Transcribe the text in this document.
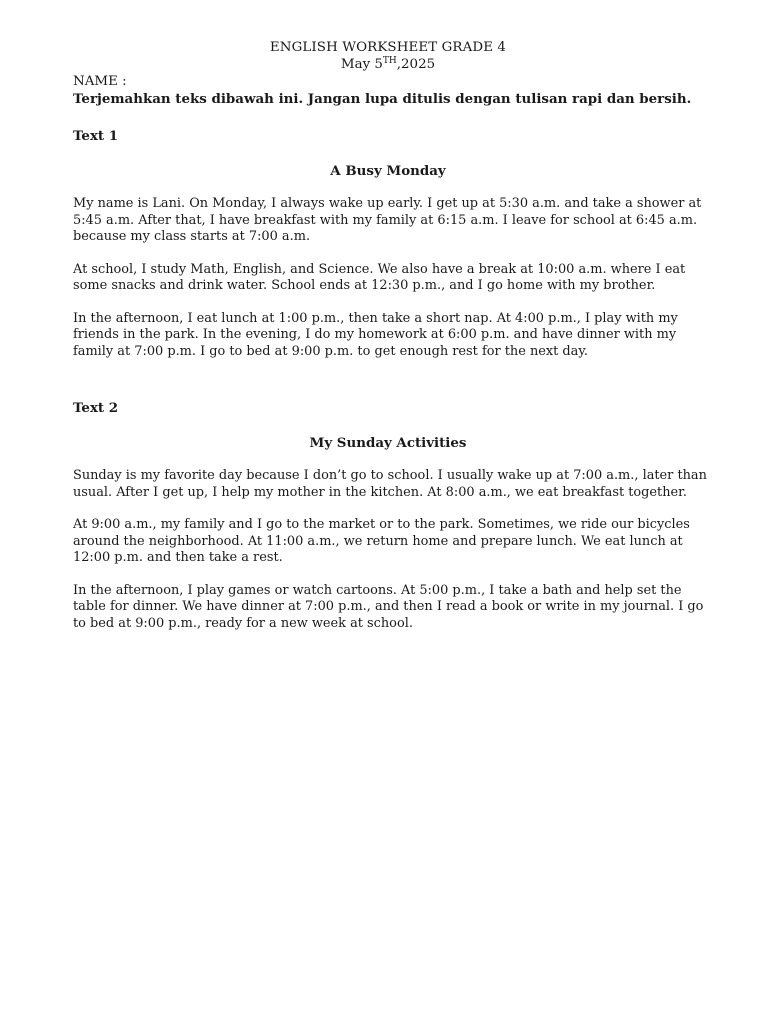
ENGLISH WORKSHEET GRADE 4
May 5TH,2025
NAME :
Terjemahkan teks dibawah ini. Jangan lupa ditulis dengan tulisan rapi dan bersih.
Text 1
A Busy Monday

My name is Lani. On Monday, I always wake up early. I get up at 5:30 a.m. and take a shower at 5:45 a.m. After that, I have breakfast with my family at 6:15 a.m. I leave for school at 6:45 a.m. because my class starts at 7:00 a.m.

At school, I study Math, English, and Science. We also have a break at 10:00 a.m. where I eat some snacks and drink water. School ends at 12:30 p.m., and I go home with my brother.

In the afternoon, I eat lunch at 1:00 p.m., then take a short nap. At 4:00 p.m., I play with my friends in the park. In the evening, I do my homework at 6:00 p.m. and have dinner with my family at 7:00 p.m. I go to bed at 9:00 p.m. to get enough rest for the next day.

Text 2
My Sunday Activities

Sunday is my favorite day because I don’t go to school. I usually wake up at 7:00 a.m., later than usual. After I get up, I help my mother in the kitchen. At 8:00 a.m., we eat breakfast together.

At 9:00 a.m., my family and I go to the market or to the park. Sometimes, we ride our bicycles around the neighborhood. At 11:00 a.m., we return home and prepare lunch. We eat lunch at 12:00 p.m. and then take a rest.

In the afternoon, I play games or watch cartoons. At 5:00 p.m., I take a bath and help set the table for dinner. We have dinner at 7:00 p.m., and then I read a book or write in my journal. I go to bed at 9:00 p.m., ready for a new week at school.
